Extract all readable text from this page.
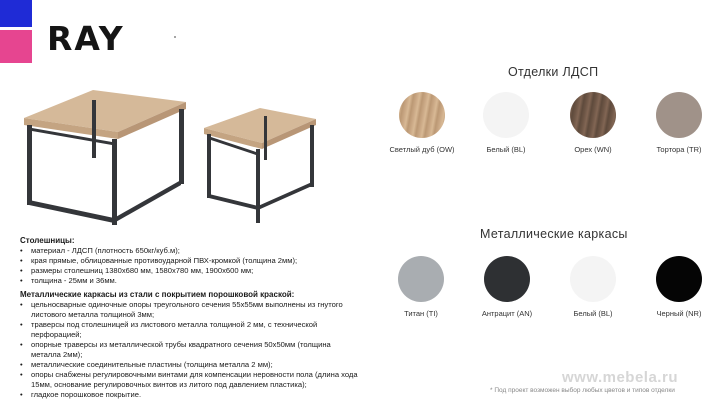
RAY
Столешницы:
• материал - ЛДСП (плотность 650кг/куб.м);
• края прямые, облицованные противоударной ПВХ-кромкой (толщина 2мм);
• размеры столешниц 1380x680 мм, 1580x780 мм, 1900x600 мм;
• толщина - 25мм и 36мм.
Металлические каркасы из стали с покрытием порошковой краской:
• цельносварные одиночные опоры треугольного сечения 55x55мм выполнены из гнутого листового металла толщиной 3мм;
• траверсы под столешницей из листового металла толщиной 2 мм, с технической перфорацией;
• опорные траверсы из металлической трубы квадратного сечения 50x50мм (толщина металла 2мм);
• металлические соединительные пластины (толщина металла 2 мм);
• опоры снабжены регулировочными винтами для компенсации неровности пола (длина хода 15мм, основание регулировочных винтов из литого под давлением пластика);
• гладкое порошковое покрытие.
Отделки ЛДСП
Светлый дуб (OW)	Белый (BL)	Орех (WN)	Тортора (TR)
Металлические каркасы
Титан (TI)	Антрацит (AN)	Белый (BL)	Черный (NR)
www.mebela.ru
* Под проект возможен выбор любых цветов и типов отделки
